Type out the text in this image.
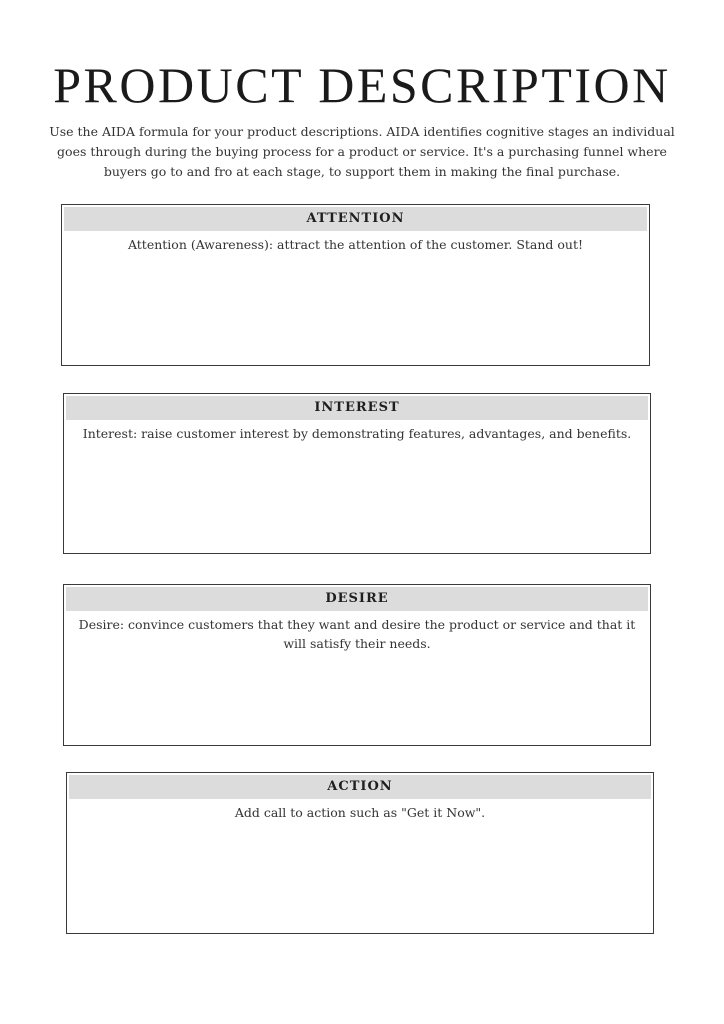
PRODUCT DESCRIPTION

Use the AIDA formula for your product descriptions. AIDA identifies cognitive stages an individual goes through during the buying process for a product or service. It's a purchasing funnel where buyers go to and fro at each stage, to support them in making the final purchase.

ATTENTION
Attention (Awareness): attract the attention of the customer. Stand out!
INTEREST
Interest: raise customer interest by demonstrating features, advantages, and benefits.
DESIRE
Desire: convince customers that they want and desire the product or service and that it will satisfy their needs.
ACTION
Add call to action such as "Get it Now".
